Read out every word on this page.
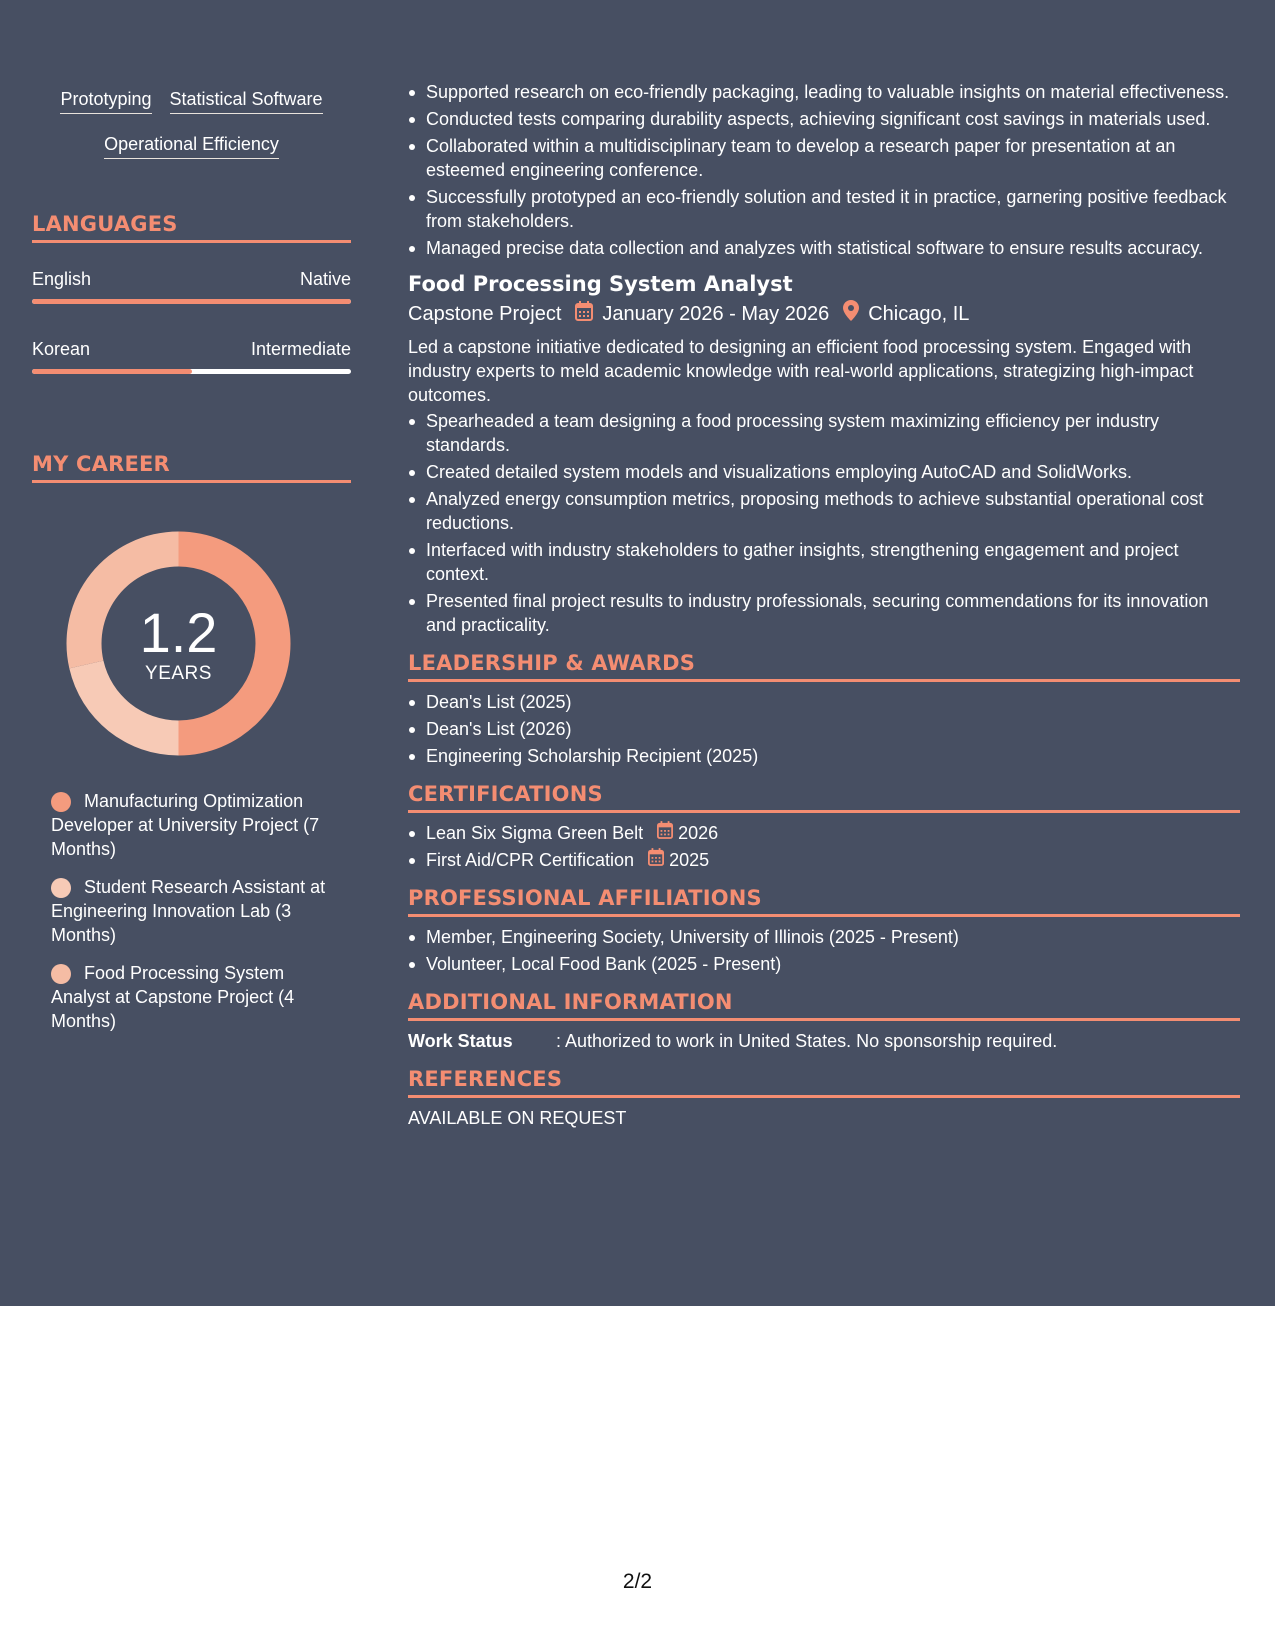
Prototyping Statistical Software
Operational Efficiency
LANGUAGES
English	Native
Korean	Intermediate
MY CAREER
1.2
YEARS
Manufacturing Optimization Developer at University Project (7 Months)
Student Research Assistant at Engineering Innovation Lab (3 Months)
Food Processing System Analyst at Capstone Project (4 Months)
Supported research on eco-friendly packaging, leading to valuable insights on material effectiveness.
Conducted tests comparing durability aspects, achieving significant cost savings in materials used.
Collaborated within a multidisciplinary team to develop a research paper for presentation at an esteemed engineering conference.
Successfully prototyped an eco-friendly solution and tested it in practice, garnering positive feedback from stakeholders.
Managed precise data collection and analyzes with statistical software to ensure results accuracy.
Food Processing System Analyst
Capstone Project January 2026 - May 2026 Chicago, IL
Led a capstone initiative dedicated to designing an efficient food processing system. Engaged with industry experts to meld academic knowledge with real-world applications, strategizing high-impact outcomes.
Spearheaded a team designing a food processing system maximizing efficiency per industry standards.
Created detailed system models and visualizations employing AutoCAD and SolidWorks.
Analyzed energy consumption metrics, proposing methods to achieve substantial operational cost reductions.
Interfaced with industry stakeholders to gather insights, strengthening engagement and project context.
Presented final project results to industry professionals, securing commendations for its innovation and practicality.
LEADERSHIP & AWARDS
Dean's List (2025)
Dean's List (2026)
Engineering Scholarship Recipient (2025)
CERTIFICATIONS
Lean Six Sigma Green Belt 2026
First Aid/CPR Certification 2025
PROFESSIONAL AFFILIATIONS
Member, Engineering Society, University of Illinois (2025 - Present)
Volunteer, Local Food Bank (2025 - Present)
ADDITIONAL INFORMATION
Work Status	: Authorized to work in United States. No sponsorship required.
REFERENCES
AVAILABLE ON REQUEST
2/2
